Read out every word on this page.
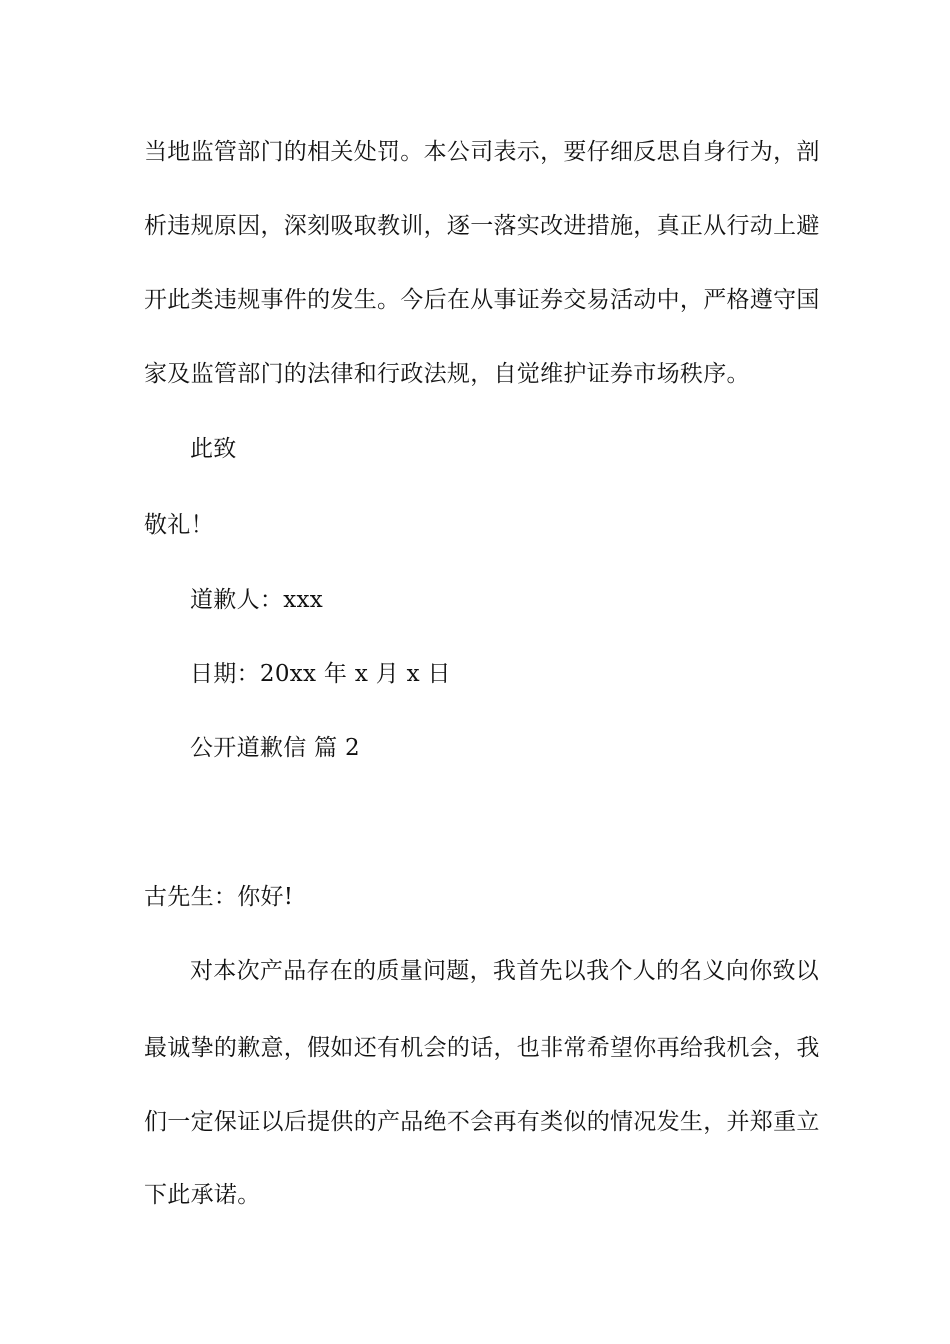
当地监管部门的相关处罚。本公司表示，要仔细反思自身行为，剖
析违规原因，深刻吸取教训，逐一落实改进措施，真正从行动上避
开此类违规事件的发生。今后在从事证券交易活动中，严格遵守国
家及监管部门的法律和行政法规，自觉维护证券市场秩序。
此致
敬礼！
道歉人：xxx
日期：20xx 年 x 月 x 日
公开道歉信 篇 2
古先生：你好!
对本次产品存在的质量问题，我首先以我个人的名义向你致以
最诚挚的歉意，假如还有机会的话，也非常希望你再给我机会，我
们一定保证以后提供的产品绝不会再有类似的情况发生，并郑重立
下此承诺。
